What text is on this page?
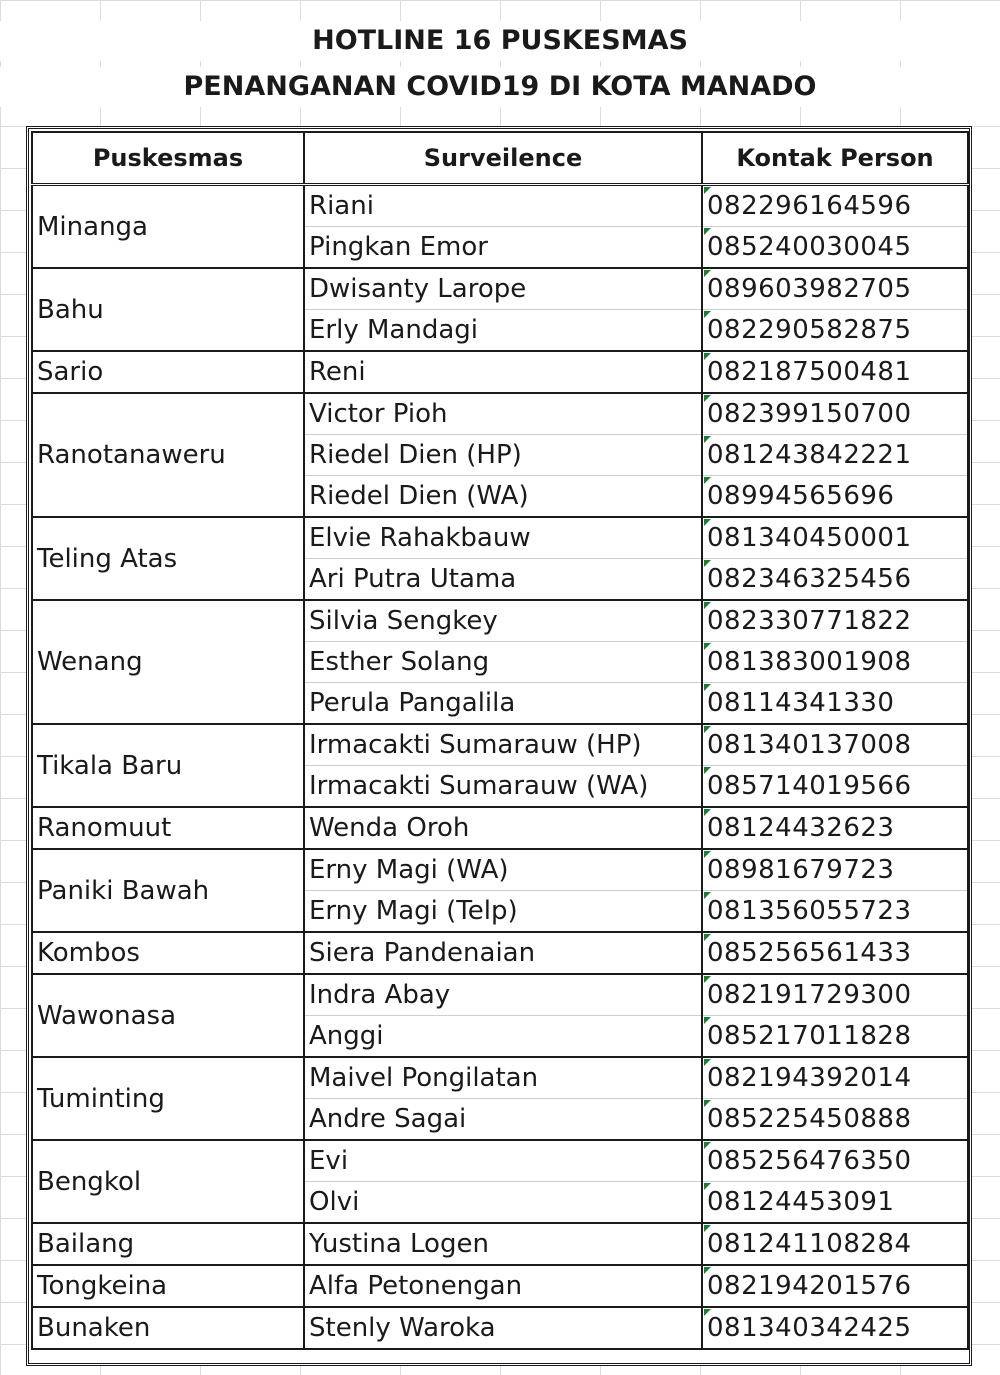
HOTLINE 16 PUSKESMAS
PENANGANAN COVID19 DI KOTA MANADO
Puskesmas	Surveilence	Kontak Person
Minanga	Riani	082296164596
	Pingkan Emor	085240030045
Bahu	Dwisanty Larope	089603982705
	Erly Mandagi	082290582875
Sario	Reni	082187500481
Ranotanaweru	Victor Pioh	082399150700
	Riedel Dien (HP)	081243842221
	Riedel Dien (WA)	08994565696
Teling Atas	Elvie Rahakbauw	081340450001
	Ari Putra Utama	082346325456
Wenang	Silvia Sengkey	082330771822
	Esther Solang	081383001908
	Perula Pangalila	08114341330
Tikala Baru	Irmacakti Sumarauw (HP)	081340137008
	Irmacakti Sumarauw (WA)	085714019566
Ranomuut	Wenda Oroh	08124432623
Paniki Bawah	Erny Magi (WA)	08981679723
	Erny Magi (Telp)	081356055723
Kombos	Siera Pandenaian	085256561433
Wawonasa	Indra Abay	082191729300
	Anggi	085217011828
Tuminting	Maivel Pongilatan	082194392014
	Andre Sagai	085225450888
Bengkol	Evi	085256476350
	Olvi	08124453091
Bailang	Yustina Logen	081241108284
Tongkeina	Alfa Petonengan	082194201576
Bunaken	Stenly Waroka	081340342425
